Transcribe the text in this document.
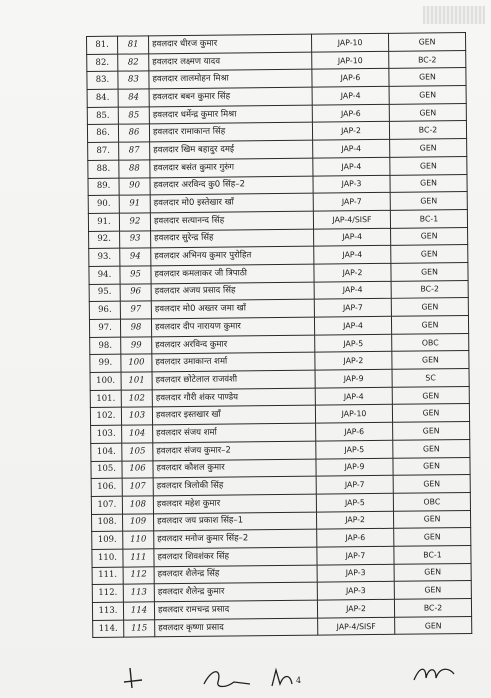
81.	81	हवलदार धीरज कुमार	JAP-10	GEN
82.	82	हवलदार लक्ष्मण यादव	JAP-10	BC-2
83.	83	हवलदार लालमोहन मिश्रा	JAP-6	GEN
84.	84	हवलदार बबन कुमार सिंह	JAP-4	GEN
85.	85	हवलदार धर्मेन्द्र कुमार मिश्रा	JAP-6	GEN
86.	86	हवलदार रामाकान्त सिंह	JAP-2	BC-2
87.	87	हवलदार खिम बहादुर दमई	JAP-4	GEN
88.	88	हवलदार बसंत कुमार गुरुंग	JAP-4	GEN
89.	90	हवलदार अरविन्द कु0 सिंह–2	JAP-3	GEN
90.	91	हवलदार मो0 इस्तेखार खाँ	JAP-7	GEN
91.	92	हवलदार सत्यानन्द सिंह	JAP-4/SISF	BC-1
92.	93	हवलदार सुरेन्द्र सिंह	JAP-4	GEN
93.	94	हवलदार अभिनय कुमार पुरोहित	JAP-4	GEN
94.	95	हवलदार कमलाकर जी त्रिपाठी	JAP-2	GEN
95.	96	हवलदार अजय प्रसाद सिंह	JAP-4	BC-2
96.	97	हवलदार मो0 अख्तर जमा खाँ	JAP-7	GEN
97.	98	हवलदार दीप नारायण कुमार	JAP-4	GEN
98.	99	हवलदार अरविन्द कुमार	JAP-5	OBC
99.	100	हवलदार उमाकान्त शर्मा	JAP-2	GEN
100.	101	हवलदार छोटेलाल राजवंशी	JAP-9	SC
101.	102	हवलदार गौरी शंकर पाण्डेय	JAP-4	GEN
102.	103	हवलदार इस्तखार खाँ	JAP-10	GEN
103.	104	हवलदार संजय शर्मा	JAP-6	GEN
104.	105	हवलदार संजय कुमार–2	JAP-5	GEN
105.	106	हवलदार कौशल कुमार	JAP-9	GEN
106.	107	हवलदार त्रिलोकी सिंह	JAP-7	GEN
107.	108	हवलदार महेश कुमार	JAP-5	OBC
108.	109	हवलदार जय प्रकाश सिंह–1	JAP-2	GEN
109.	110	हवलदार मनोज कुमार सिंह–2	JAP-6	GEN
110.	111	हवलदार शिवशंकर सिंह	JAP-7	BC-1
111.	112	हवलदार शैलेन्द्र सिंह	JAP-3	GEN
112.	113	हवलदार शैलेन्द्र कुमार	JAP-3	GEN
113.	114	हवलदार रामचन्द्र प्रसाद	JAP-2	BC-2
114.	115	हवलदार कृष्णा प्रसाद	JAP-4/SISF	GEN
4
